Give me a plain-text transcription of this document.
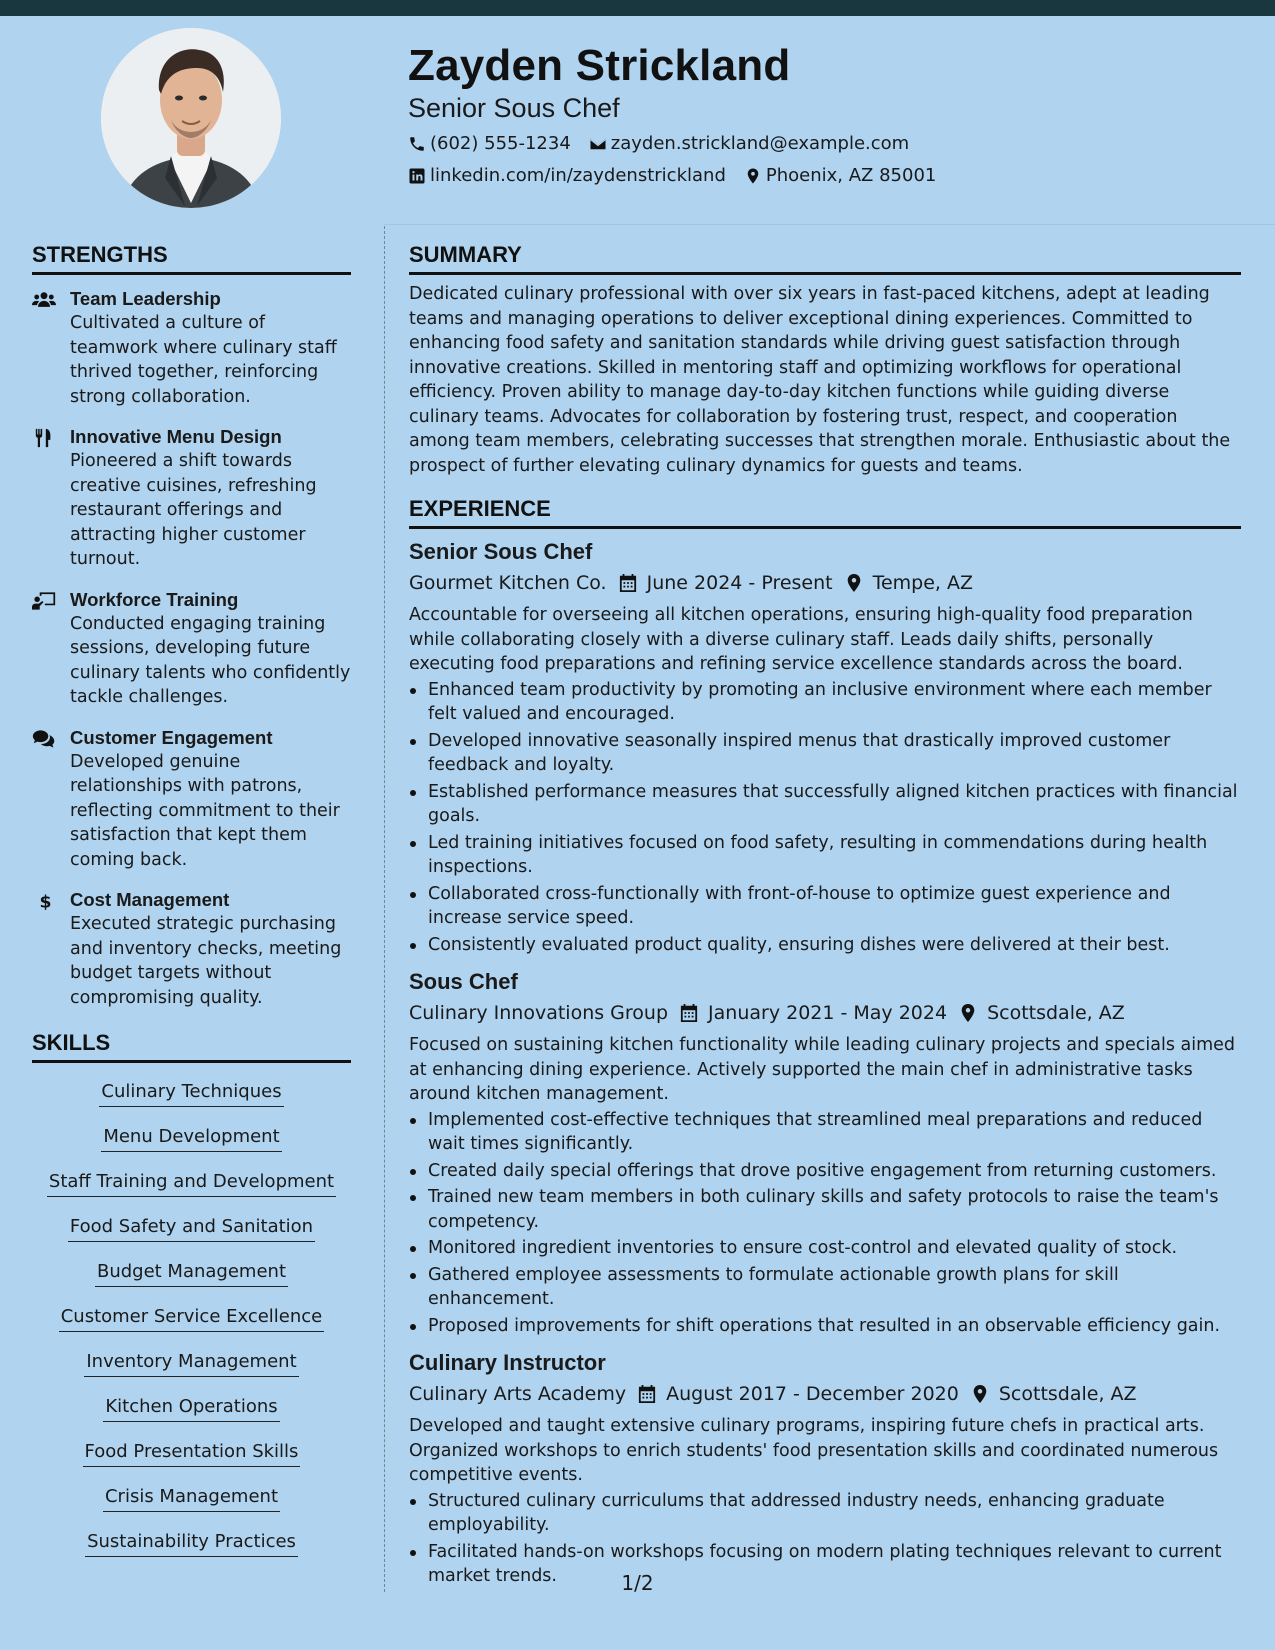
Zayden Strickland
Senior Sous Chef
(602) 555-1234 zayden.strickland@example.com
linkedin.com/in/zaydenstrickland Phoenix, AZ 85001
STRENGTHS
Team Leadership
Cultivated a culture of teamwork where culinary staff thrived together, reinforcing strong collaboration.
Innovative Menu Design
Pioneered a shift towards creative cuisines, refreshing restaurant offerings and attracting higher customer turnout.
Workforce Training
Conducted engaging training sessions, developing future culinary talents who confidently tackle challenges.
Customer Engagement
Developed genuine relationships with patrons, reflecting commitment to their satisfaction that kept them coming back.
$ Cost Management
Executed strategic purchasing and inventory checks, meeting budget targets without compromising quality.
SKILLS
Culinary Techniques
Menu Development
Staff Training and Development
Food Safety and Sanitation
Budget Management
Customer Service Excellence
Inventory Management
Kitchen Operations
Food Presentation Skills
Crisis Management
Sustainability Practices
SUMMARY
Dedicated culinary professional with over six years in fast-paced kitchens, adept at leading teams and managing operations to deliver exceptional dining experiences. Committed to enhancing food safety and sanitation standards while driving guest satisfaction through innovative creations. Skilled in mentoring staff and optimizing workflows for operational efficiency. Proven ability to manage day-to-day kitchen functions while guiding diverse culinary teams. Advocates for collaboration by fostering trust, respect, and cooperation among team members, celebrating successes that strengthen morale. Enthusiastic about the prospect of further elevating culinary dynamics for guests and teams.
EXPERIENCE
Senior Sous Chef
Gourmet Kitchen Co. June 2024 - Present Tempe, AZ
Accountable for overseeing all kitchen operations, ensuring high-quality food preparation while collaborating closely with a diverse culinary staff. Leads daily shifts, personally executing food preparations and refining service excellence standards across the board.
Enhanced team productivity by promoting an inclusive environment where each member felt valued and encouraged.
Developed innovative seasonally inspired menus that drastically improved customer feedback and loyalty.
Established performance measures that successfully aligned kitchen practices with financial goals.
Led training initiatives focused on food safety, resulting in commendations during health inspections.
Collaborated cross-functionally with front-of-house to optimize guest experience and increase service speed.
Consistently evaluated product quality, ensuring dishes were delivered at their best.
Sous Chef
Culinary Innovations Group January 2021 - May 2024 Scottsdale, AZ
Focused on sustaining kitchen functionality while leading culinary projects and specials aimed at enhancing dining experience. Actively supported the main chef in administrative tasks around kitchen management.
Implemented cost-effective techniques that streamlined meal preparations and reduced wait times significantly.
Created daily special offerings that drove positive engagement from returning customers.
Trained new team members in both culinary skills and safety protocols to raise the team's competency.
Monitored ingredient inventories to ensure cost-control and elevated quality of stock.
Gathered employee assessments to formulate actionable growth plans for skill enhancement.
Proposed improvements for shift operations that resulted in an observable efficiency gain.
Culinary Instructor
Culinary Arts Academy August 2017 - December 2020 Scottsdale, AZ
Developed and taught extensive culinary programs, inspiring future chefs in practical arts. Organized workshops to enrich students' food presentation skills and coordinated numerous competitive events.
Structured culinary curriculums that addressed industry needs, enhancing graduate employability.
Facilitated hands-on workshops focusing on modern plating techniques relevant to current market trends.	1/2
